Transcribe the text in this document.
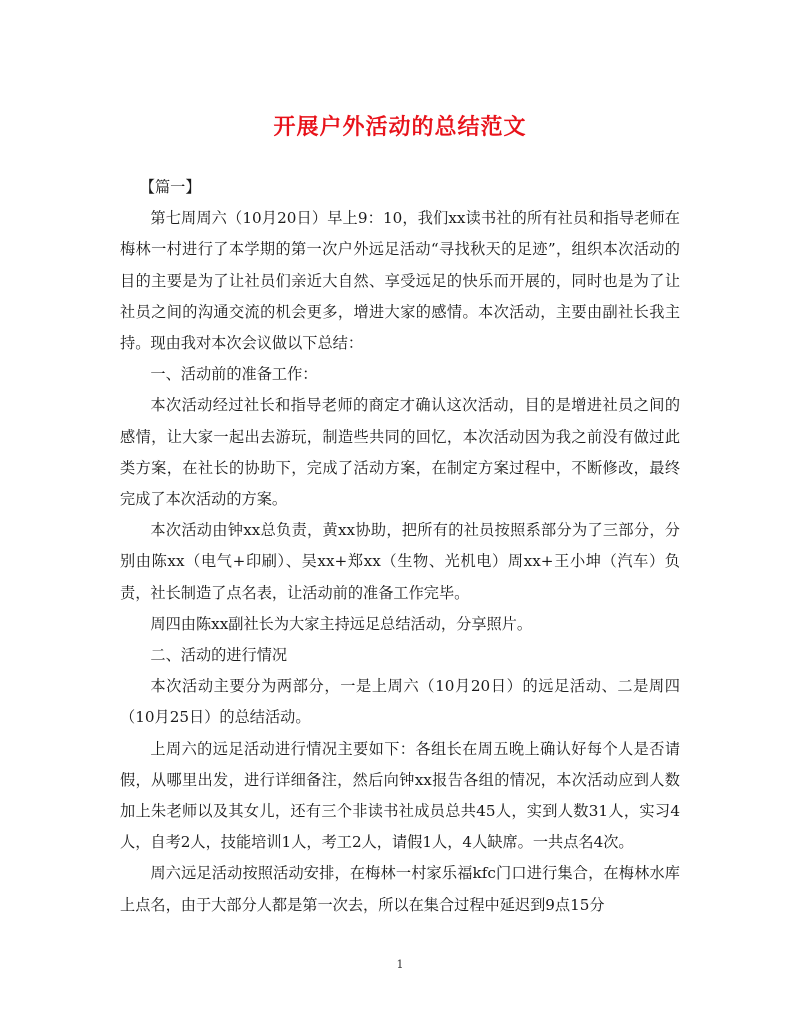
开展户外活动的总结范文

【篇一】

第七周周六（10月20日）早上9：10，我们xx读书社的所有社员和指导老师在梅林一村进行了本学期的第一次户外远足活动“寻找秋天的足迹”，组织本次活动的目的主要是为了让社员们亲近大自然、享受远足的快乐而开展的，同时也是为了让社员之间的沟通交流的机会更多，增进大家的感情。本次活动，主要由副社长我主持。现由我对本次会议做以下总结：

一、活动前的准备工作：

本次活动经过社长和指导老师的商定才确认这次活动，目的是增进社员之间的感情，让大家一起出去游玩，制造些共同的回忆，本次活动因为我之前没有做过此类方案，在社长的协助下，完成了活动方案，在制定方案过程中，不断修改，最终完成了本次活动的方案。

本次活动由钟xx总负责，黄xx协助，把所有的社员按照系部分为了三部分，分别由陈xx（电气+印刷）、吴xx+郑xx（生物、光机电）周xx+王小坤（汽车）负责，社长制造了点名表，让活动前的准备工作完毕。

周四由陈xx副社长为大家主持远足总结活动，分享照片。

二、活动的进行情况

本次活动主要分为两部分，一是上周六（10月20日）的远足活动、二是周四（10月25日）的总结活动。

上周六的远足活动进行情况主要如下：各组长在周五晚上确认好每个人是否请假，从哪里出发，进行详细备注，然后向钟xx报告各组的情况，本次活动应到人数加上朱老师以及其女儿，还有三个非读书社成员总共45人，实到人数31人，实习4人，自考2人，技能培训1人，考工2人，请假1人，4人缺席。一共点名4次。

周六远足活动按照活动安排，在梅林一村家乐福kfc门口进行集合，在梅林水库上点名，由于大部分人都是第一次去，所以在集合过程中延迟到9点15分

1
